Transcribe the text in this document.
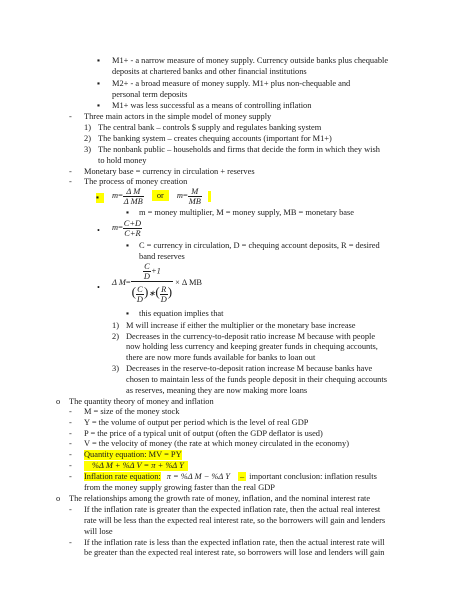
▪ M1+ - a narrow measure of money supply. Currency outside banks plus chequable
deposits at chartered banks and other financial institutions
▪ M2+ - a broad measure of money supply. M1+ plus non-chequable and
personal term deposits
▪ M1+ was less successful as a means of controlling inflation
- Three main actors in the simple model of money supply
1) The central bank – controls $ supply and regulates banking system
2) The banking system – creates chequing accounts (important for M1+)
3) The nonbank public – households and firms that decide the form in which they wish
to hold money
- Monetary base = currency in circulation + reserves
- The process of money creation
▪	$m= \frac{\text{Δ M}}{\text{Δ MB}}$ or $m= \frac{M}{MB}$

▪ m = money multiplier, M = money supply, MB = monetary base
• $m= \frac{C+D}{C+R}$
▪ C = currency in circulation, D = chequing account deposits, R = desired
band reserves
•
Δ $M= \frac{\frac{C}{D} +1}{( \frac{C}{D} )∗( \frac{R}{D} )} \times \Delta$ MB
▪ this equation implies that
1) M will increase if either the multiplier or the monetary base increase
2) Decreases in the currency-to-deposit ratio increase M because with people
now holding less currency and keeping greater funds in chequing accounts,
there are now more funds available for banks to loan out
3) Decreases in the reserve-to-deposit ration increase M because banks have
chosen to maintain less of the funds people deposit in their chequing accounts
as reserves, meaning they are now making more loans
o The quantity theory of money and inflation
- M = size of the money stock
- Y = the volume of output per period which is the level of real GDP
- P = the price of a typical unit of output (often the GDP deflator is used)
- V = the velocity of money (the rate at which money circulated in the economy)
- Quantity equation: MV = PY
-	%Δ M + %Δ V = π + %Δ Y
- Inflation rate equation: π = %Δ M − %Δ Y – important conclusion: inflation results
from the money supply growing faster than the real GDP
o The relationships among the growth rate of money, inflation, and the nominal interest rate
- If the inflation rate is greater than the expected inflation rate, then the actual real interest
rate will be less than the expected real interest rate, so the borrowers will gain and lenders
will lose
- If the inflation rate is less than the expected inflation rate, then the actual interest rate will
be greater than the expected real interest rate, so borrowers will lose and lenders will gain
